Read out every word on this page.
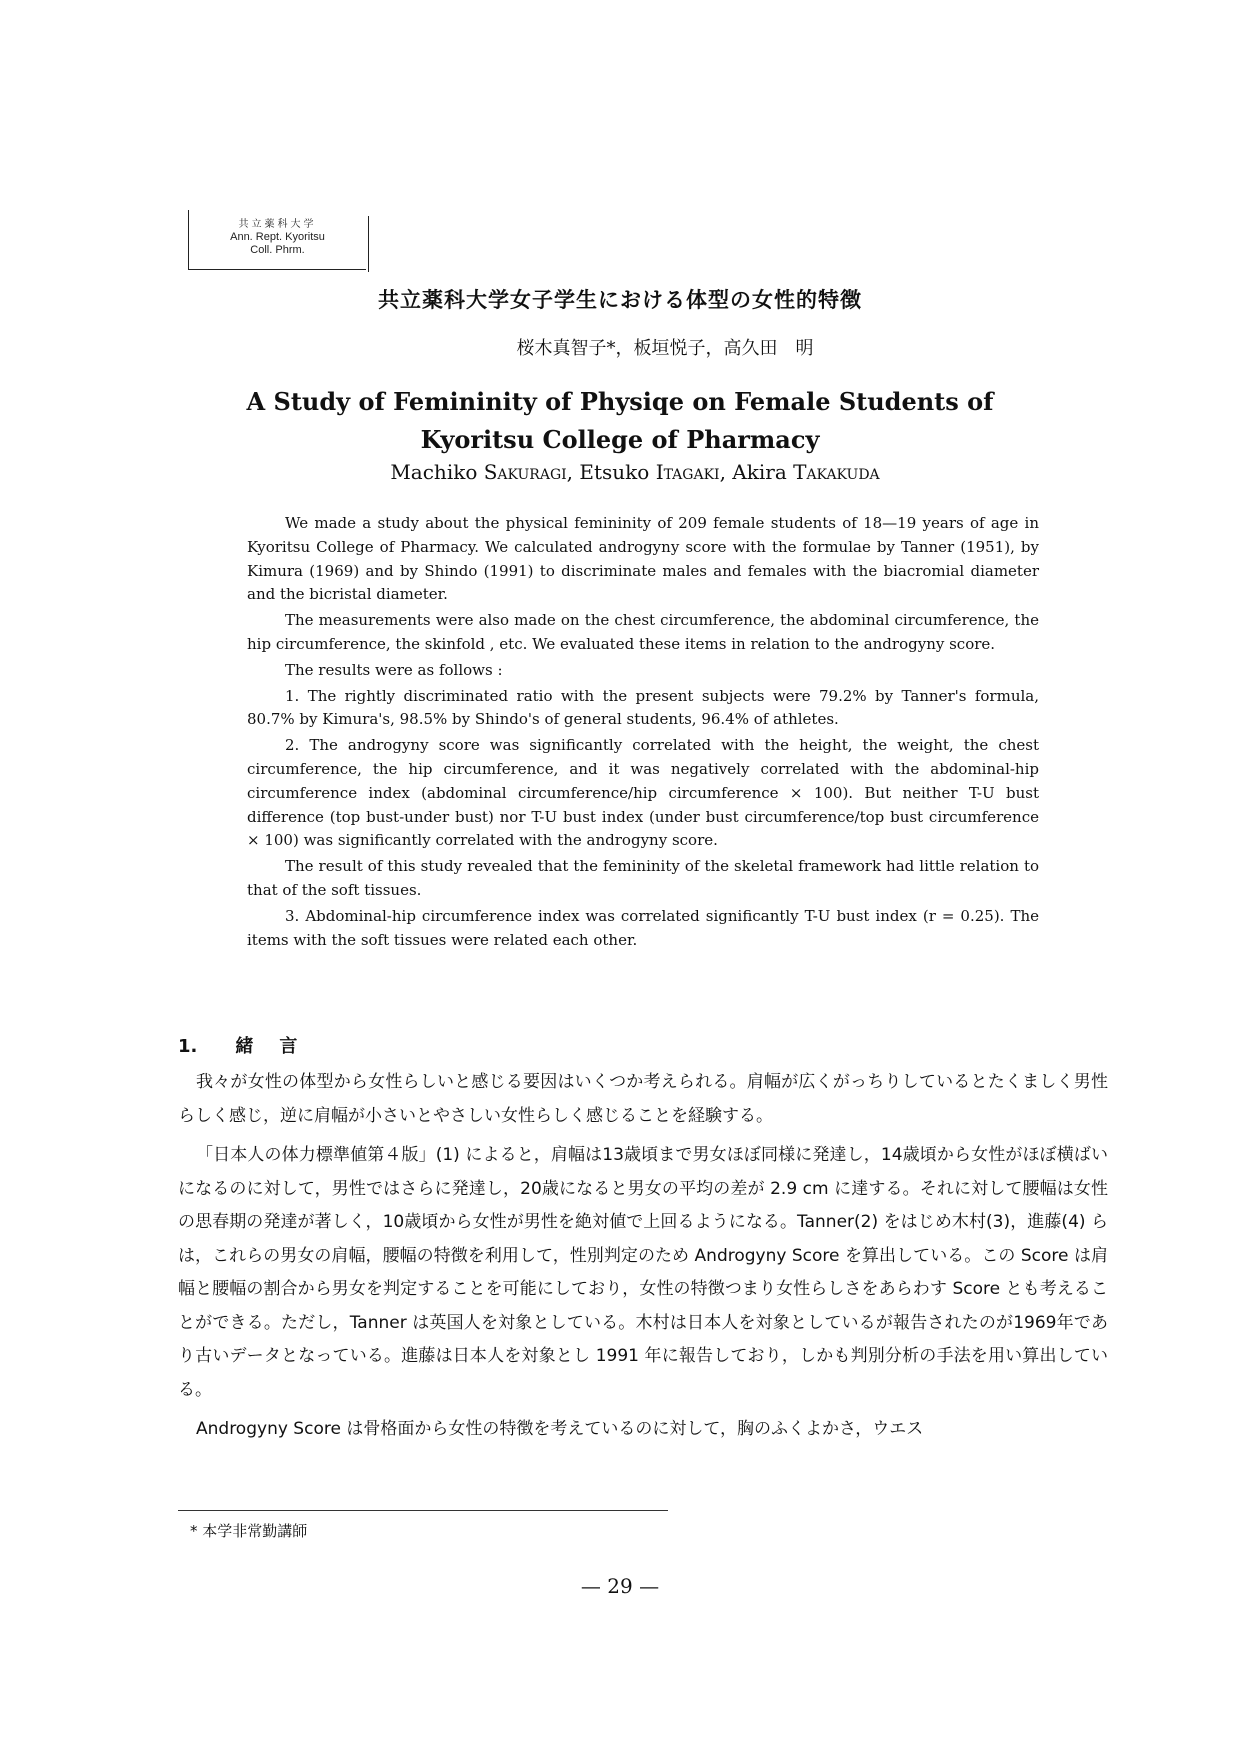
共立薬科大学
Ann. Rept. Kyoritsu
Coll. Phrm.
共立薬科大学女子学生における体型の女性的特徴
桜木真智子*，板垣悦子，高久田　明
A Study of Femininity of Physiqe on Female Students of
Kyoritsu College of Pharmacy
Machiko Sakuragi, Etsuko Itagaki, Akira Takakuda

We made a study about the physical femininity of 209 female students of 18—19 years of age in Kyoritsu College of Pharmacy. We calculated androgyny score with the formulae by Tanner (1951), by Kimura (1969) and by Shindo (1991) to discriminate males and females with the biacromial diameter and the bicristal diameter.

The measurements were also made on the chest circumference, the abdominal circumference, the hip circumference, the skinfold , etc. We evaluated these items in relation to the androgyny score.

The results were as follows :

1. The rightly discriminated ratio with the present subjects were 79.2% by Tanner's formula, 80.7% by Kimura's, 98.5% by Shindo's of general students, 96.4% of athletes.

2. The androgyny score was significantly correlated with the height, the weight, the chest circumference, the hip circumference, and it was negatively correlated with the abdominal-hip circumference index (abdominal circumference/hip circumference × 100). But neither T-U bust difference (top bust-under bust) nor T-U bust index (under bust circumference/top bust circumference × 100) was significantly correlated with the androgyny score.

The result of this study revealed that the femininity of the skeletal framework had little relation to that of the soft tissues.

3. Abdominal-hip circumference index was correlated significantly T-U bust index (r = 0.25). The items with the soft tissues were related each other.

1. 緒言

我々が女性の体型から女性らしいと感じる要因はいくつか考えられる。肩幅が広くがっちりしているとたくましく男性らしく感じ，逆に肩幅が小さいとやさしい女性らしく感じることを経験する。

「日本人の体力標準値第４版」(1) によると，肩幅は13歳頃まで男女ほぼ同様に発達し，14歳頃から女性がほぼ横ばいになるのに対して，男性ではさらに発達し，20歳になると男女の平均の差が 2.9 cm に達する。それに対して腰幅は女性の思春期の発達が著しく，10歳頃から女性が男性を絶対値で上回るようになる。Tanner(2) をはじめ木村(3)，進藤(4) らは，これらの男女の肩幅，腰幅の特徴を利用して，性別判定のため Androgyny Score を算出している。この Score は肩幅と腰幅の割合から男女を判定することを可能にしており，女性の特徴つまり女性らしさをあらわす Score とも考えることができる。ただし，Tanner は英国人を対象としている。木村は日本人を対象としているが報告されたのが1969年であり古いデータとなっている。進藤は日本人を対象とし 1991 年に報告しており，しかも判別分析の手法を用い算出している。

Androgyny Score は骨格面から女性の特徴を考えているのに対して，胸のふくよかさ，ウエス

* 本学非常勤講師
— 29 —
